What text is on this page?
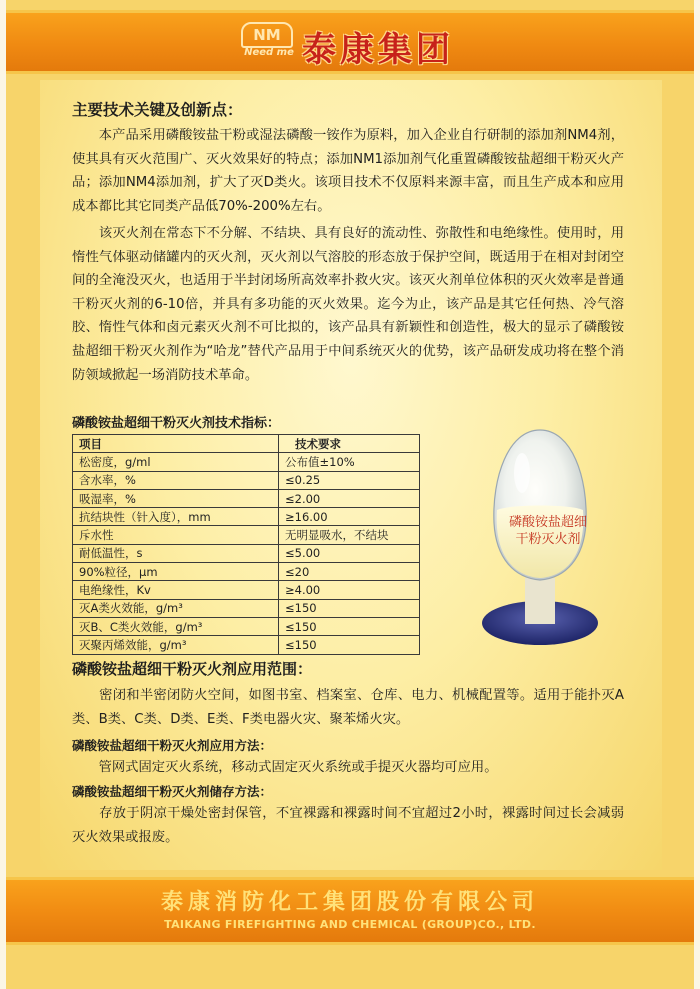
NM
Need me 泰康集团
主要技术关键及创新点：
　　本产品采用磷酸铵盐干粉或湿法磷酸一铵作为原料，加入企业自行研制的添加剂NM4剂，使其具有灭火范围广、灭火效果好的特点；添加NM1添加剂气化重置磷酸铵盐超细干粉灭火产品；添加NM4添加剂，扩大了灭D类火。该项目技术不仅原料来源丰富，而且生产成本和应用成本都比其它同类产品低70%-200%左右。
　　该灭火剂在常态下不分解、不结块、具有良好的流动性、弥散性和电绝缘性。使用时，用惰性气体驱动储罐内的灭火剂，灭火剂以气溶胶的形态放于保护空间，既适用于在相对封闭空间的全淹没灭火，也适用于半封闭场所高效率扑救火灾。该灭火剂单位体积的灭火效率是普通干粉灭火剂的6-10倍，并具有多功能的灭火效果。迄今为止，该产品是其它任何热、冷气溶胶、惰性气体和卤元素灭火剂不可比拟的，该产品具有新颖性和创造性，极大的显示了磷酸铵盐超细干粉灭火剂作为“哈龙”替代产品用于中间系统灭火的优势，该产品研发成功将在整个消防领域掀起一场消防技术革命。
磷酸铵盐超细干粉灭火剂技术指标：
项目	技术要求
松密度，g/ml	公布值±10%
含水率，%	≤0.25
吸湿率，%	≤2.00
抗结块性（针入度），mm	≥16.00
斥水性	无明显吸水，不结块
耐低温性，s	≤5.00
90%粒径，μm	≤20
电绝缘性，Kv	≥4.00
灭A类火效能，g/m³	≤150
灭B、C类火效能，g/m³	≤150
灭聚丙烯效能，g/m³	≤150
磷酸铵盐超细
干粉灭火剂
磷酸铵盐超细干粉灭火剂应用范围：
　　密闭和半密闭防火空间，如图书室、档案室、仓库、电力、机械配置等。适用于能扑灭A类、B类、C类、D类、E类、F类电器火灾、聚苯烯火灾。
磷酸铵盐超细干粉灭火剂应用方法：
　　管网式固定灭火系统，移动式固定灭火系统或手提灭火器均可应用。
磷酸铵盐超细干粉灭火剂储存方法：
　　存放于阴凉干燥处密封保管，不宜裸露和裸露时间不宜超过2小时，裸露时间过长会减弱灭火效果或报废。
泰康消防化工集团股份有限公司
TAIKANG FIREFIGHTING AND CHEMICAL (GROUP)CO., LTD.
